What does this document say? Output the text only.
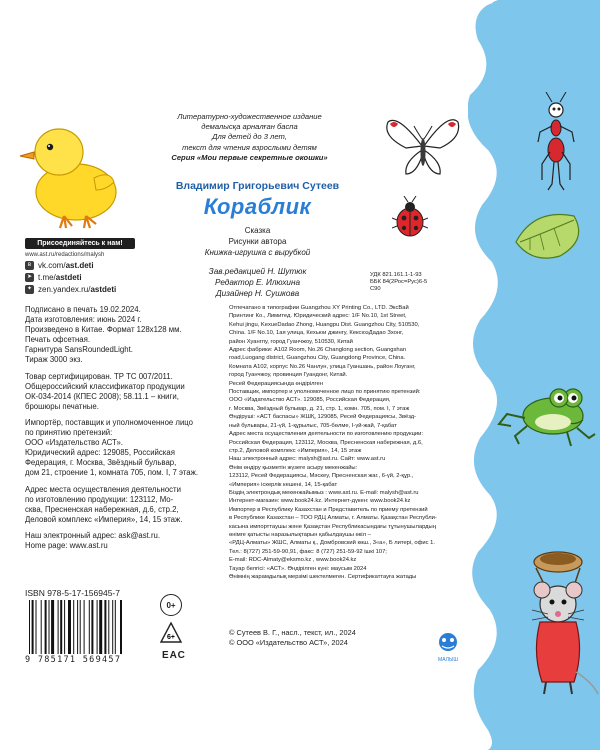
Присоединяйтесь к нам!
www.ast.ru/redactions/malysh
в vk.com/ ast.deti
➤ t.me/ astdeti
✦ zen.yandex.ru/ astdeti
Литературно-художественное издание
демалысқа арналған баспа
Для детей до 3 лет,
текст для чтения взрослыми детям
Серия «Мои первые секретные окошки»
Владимир Григорьевич Сутеев
Кораблик
Сказка
Рисунки автора
Книжка-игрушка с вырубкой
Зав.редакцией Н. Шутюк
Редактор Е. Илюхина
Дизайнер Н. Сушкова
УДК 821.161.1-1-93
ББК 84(2Рос=Рус)6-5
С90

Подписано в печать 19.02.2024.
Дата изготовления: июнь 2024 г.
Произведено в Китае. Формат 128x128 мм.
Печать офсетная.
Гарнитура SansRoundedLight.
Тираж 3000 экз.

Товар сертифицирован. ТР ТС 007/2011.
Общероссийский классификатор продукции
ОК-034-2014 (КПЕС 2008); 58.11.1 – книги,
брошюры печатные.

Импортёр, поставщик и уполномоченное лицо
по принятию претензий:
ООО «Издательство АСТ».
Юридический адрес: 129085, Российская
Федерация, г. Москва, Звёздный бульвар,
дом 21, строение 1, комната 705, пом. I, 7 этаж.

Адрес места осуществления деятельности
по изготовлению продукции: 123112, Мо-
сква, Пресненская набережная, д.6, стр.2,
Деловой комплекс «Империя», 14, 15 этаж.

Наш электронный адрес: ask@ast.ru.
Home page: www.ast.ru

Отпечатано в типографии Guangzhou XY Printing Co., LTD. ЭксВай

Принтинг Ко., Лимитед. Юридический адрес: 1/F No.10, 1st Street,

Kehui jingu, KexueDadao Zhong, Huangpu Dist. Guangzhou City, 510530,

China. 1/F No.10, 1ая улица, Кехьюи джингу, КексюэДадао Зхонг,

район Хуангпу, город Гуанчжоу, 510530, Китай

Адрес фабрики: A102 Room, No.26 Changlong section, Guangshan

road,Luogang district, Guangzhou City, Guangdong Province, China.

Комната A102, корпус No.26 Чанлун, улица Гуаншань, район Лоуганг,

город Гуанчжоу, провинция Гуандонг, Китай.

Ресей Федерациясында өндірілген

Поставщик, импортер и уполномоченное лицо по принятию претензий:

ООО «Издательство АСТ». 129085, Российская Федерация,

г. Москва, Звёздный бульвар, д. 21, стр. 1, комн. 705, пом. I, 7 этаж

Өндіруші: «АСТ баспасы» ЖШҚ, 129085, Ресей Федерациясы, Звёзд-

ный бульвары, 21-үй, 1-құрылыс, 705-бөлме, I-үй-жай, 7-қабат

Адрес места осуществления деятельности по изготовлению продукции:

Российская Федерация, 123112, Москва, Пресненская набережная, д.6,

стр.2, Деловой комплекс «Империя», 14, 15 этаж

Наш электронный адрес: malysh@ast.ru. Сайт: www.ast.ru

Өнім өндіру қызметін жүзеге асыру мекенжайы:

123112, Ресей Федерациясы, Мәскеу, Пресненская жаг., 6-үй, 2-құр.,

«Империя» іскерлік кешені, 14, 15-қабат

Біздің электрондық мекенжайымыз : www.ast.ru. E-mail: malysh@ast.ru

Интернет-магазин: www.book24.kz. Интернет-дүкен: www.book24.kz

Импортер в Республику Казахстан и Представитель по приему претензий

в Республике Казахстан – ТОО РДЦ Алматы, г. Алматы. Қазақстан Республи-

касына импорттаушы және Қазақстан Республикасындағы тұтынушылардың

өнімге қатысты наразылықтарын қабылдаушы өкіл –

«РДЦ-Алматы» ЖШС, Алматы қ., Домбровский көш., 3«а», Б литері, офис 1.

Тел.: 8(727) 251-59-90,91, факс: 8 (727) 251-59-92 ішкі 107;

E-mail: RDC-Almaty@eksmo.kz , www.book24.kz

Тауар белгісі: «АСТ». Өндірілген күні: маусым 2024

Өнімнің жарамдылық мерзімі шектелмеген. Сертификаттауға жатады

ISBN 978-5-17-156945-7
9 785171 569457
0+
6+
ЕАС
© Сутеев В. Г., насл., текст, ил., 2024
© ООО «Издательство АСТ», 2024
МАЛЫШ
